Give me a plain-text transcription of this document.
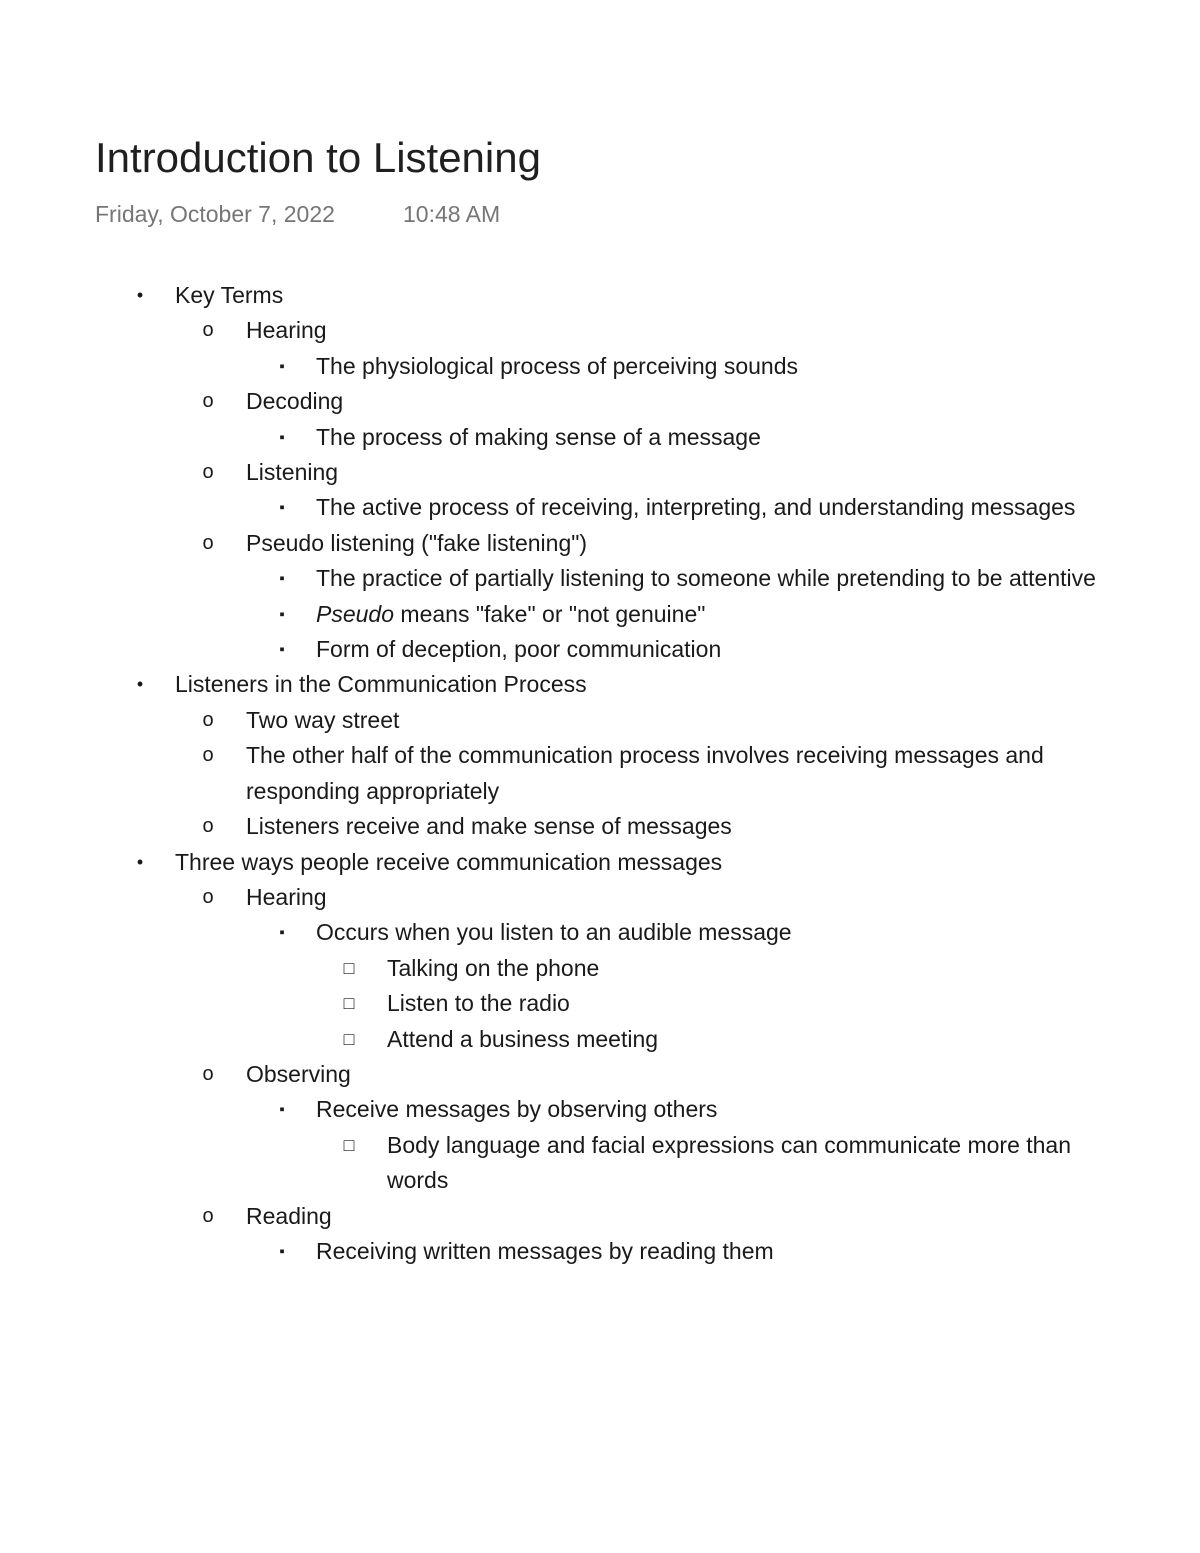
Introduction to Listening
Friday, October 7, 2022	10:48 AM
•	Key Terms
o Hearing
▪	The physiological process of perceiving sounds
o Decoding
▪	The process of making sense of a message
o Listening
▪	The active process of receiving, interpreting, and understanding messages
o Pseudo listening ("fake listening")
▪	The practice of partially listening to someone while pretending to be attentive
▪	Pseudo means "fake" or "not genuine"
▪	Form of deception, poor communication
•	Listeners in the Communication Process
o Two way street
o The other half of the communication process involves receiving messages and responding appropriately
o Listeners receive and make sense of messages
•	Three ways people receive communication messages
o Hearing
▪	Occurs when you listen to an audible message
□ Talking on the phone
□ Listen to the radio
□ Attend a business meeting
o Observing
▪	Receive messages by observing others
□ Body language and facial expressions can communicate more than words
o Reading
▪	Receiving written messages by reading them
